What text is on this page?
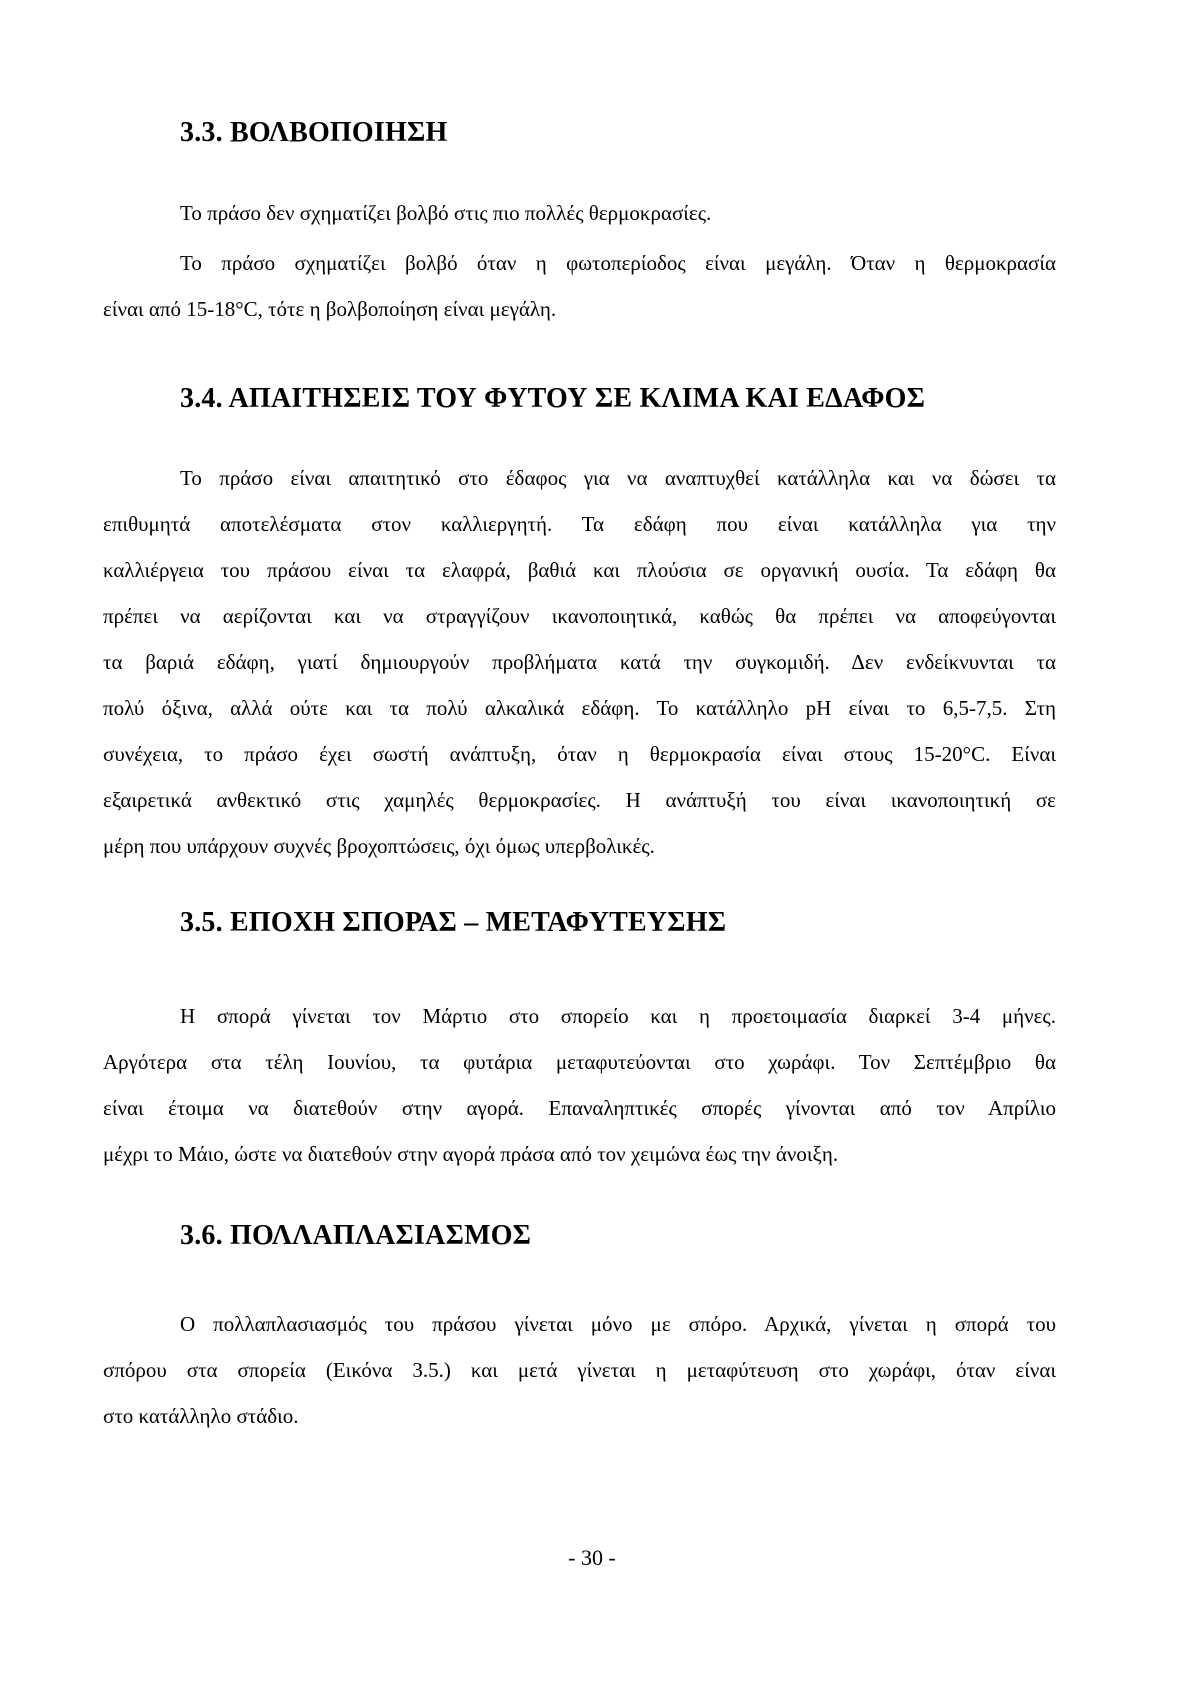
3.3. ΒΟΛΒΟΠΟΙΗΣΗ

Το πράσο δεν σχηματίζει βολβό στις πιο πολλές θερμοκρασίες.

Το πράσο σχηματίζει βολβό όταν η φωτοπερίοδος είναι μεγάλη. Όταν η θερμοκρασία

είναι από 15-18°C, τότε η βολβοποίηση είναι μεγάλη.

3.4. ΑΠΑΙΤΗΣΕΙΣ ΤΟΥ ΦΥΤΟΥ ΣΕ ΚΛΙΜΑ ΚΑΙ ΕΔΑΦΟΣ

Το πράσο είναι απαιτητικό στο έδαφος για να αναπτυχθεί κατάλληλα και να δώσει τα

επιθυμητά αποτελέσματα στον καλλιεργητή. Τα εδάφη που είναι κατάλληλα για την

καλλιέργεια του πράσου είναι τα ελαφρά, βαθιά και πλούσια σε οργανική ουσία. Τα εδάφη θα

πρέπει να αερίζονται και να στραγγίζουν ικανοποιητικά, καθώς θα πρέπει να αποφεύγονται

τα βαριά εδάφη, γιατί δημιουργούν προβλήματα κατά την συγκομιδή. Δεν ενδείκνυνται τα

πολύ όξινα, αλλά ούτε και τα πολύ αλκαλικά εδάφη. Το κατάλληλο pH είναι το 6,5-7,5. Στη

συνέχεια, το πράσο έχει σωστή ανάπτυξη, όταν η θερμοκρασία είναι στους 15-20°C. Είναι

εξαιρετικά ανθεκτικό στις χαμηλές θερμοκρασίες. Η ανάπτυξή του είναι ικανοποιητική σε

μέρη που υπάρχουν συχνές βροχοπτώσεις, όχι όμως υπερβολικές.

3.5. ΕΠΟΧΗ ΣΠΟΡΑΣ – ΜΕΤΑΦΥΤΕΥΣΗΣ

Η σπορά γίνεται τον Μάρτιο στο σπορείο και η προετοιμασία διαρκεί 3-4 μήνες.

Αργότερα στα τέλη Ιουνίου, τα φυτάρια μεταφυτεύονται στο χωράφι. Τον Σεπτέμβριο θα

είναι έτοιμα να διατεθούν στην αγορά. Επαναληπτικές σπορές γίνονται από τον Απρίλιο

μέχρι το Μάιο, ώστε να διατεθούν στην αγορά πράσα από τον χειμώνα έως την άνοιξη.

3.6. ΠΟΛΛΑΠΛΑΣΙΑΣΜΟΣ

Ο πολλαπλασιασμός του πράσου γίνεται μόνο με σπόρο. Αρχικά, γίνεται η σπορά του

σπόρου στα σπορεία (Εικόνα 3.5.) και μετά γίνεται η μεταφύτευση στο χωράφι, όταν είναι

στο κατάλληλο στάδιο.

- 30 -
